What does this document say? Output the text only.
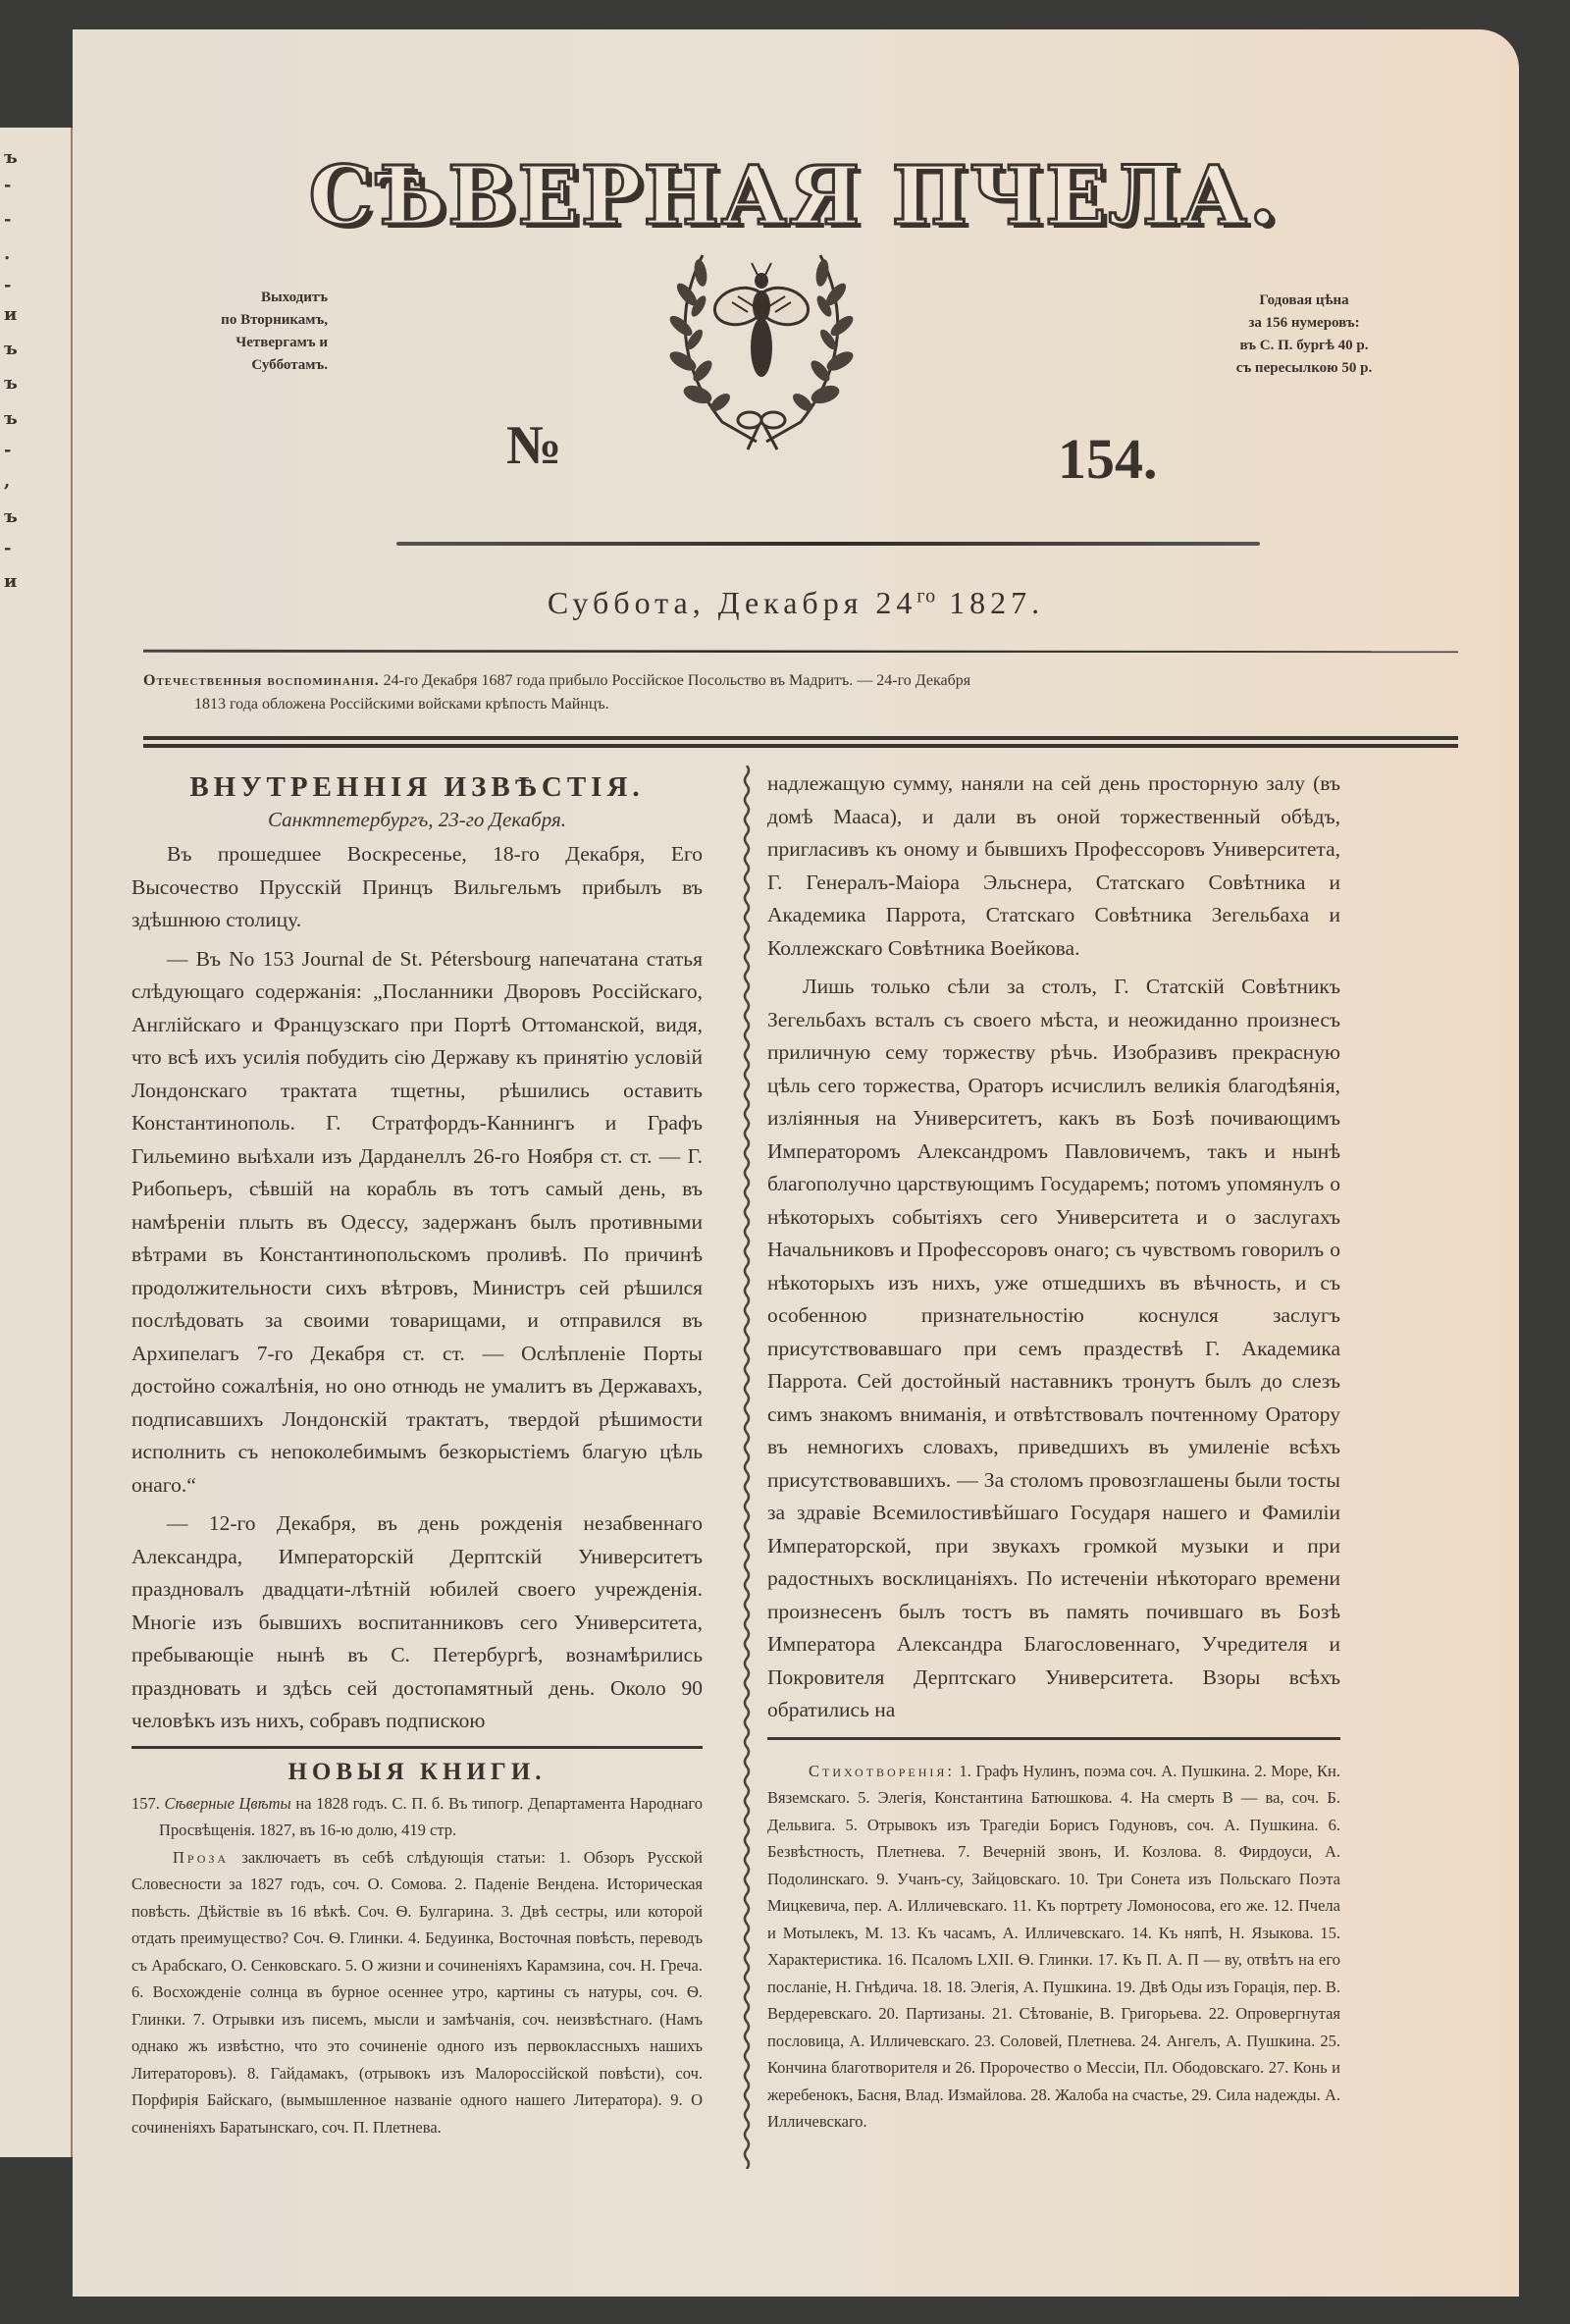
ъ
-
-
.
-
и
ъ
ъ
ъ
-
,
ъ
-
и
СѢВЕРНАЯ ПЧЕЛА.
Выходитъ
по Вторникамъ,
Четвергамъ и
Субботамъ.
№	154.
Годовая цѣна
за 156 нумеровъ:
въ С. П. бургѣ 40 р.
съ пересылкою 50 р.
Суббота, Декабря $24^{го}$ 1827.
Отечественныя воспоминанія. 24-го Декабря 1687 года прибыло Россійское Посольство въ Мадритъ. — 24-го Декабря
1813 года обложена Россійскими войсками крѣпость Майнцъ.
ВНУТРЕННІЯ ИЗВѢСТІЯ.
Санктпетербургъ, 23-го Декабря.

Въ прошедшее Воскресенье, 18-го Декабря, Его Высочество Прусскій Принцъ Вильгельмъ прибылъ въ здѣшнюю столицу.

— Въ No 153 Journal de St. Pétersbourg напечатана статья слѣдующаго содержанія: „Посланники Дворовъ Россійскаго, Англійскаго и Французскаго при Портѣ Оттоманской, видя, что всѣ ихъ усилія побудить сію Державу къ принятію условій Лондонскаго трактата тщетны, рѣшились оставить Константинополь. Г. Стратфордъ-Каннингъ и Графъ Гильемино выѣхали изъ Дарданеллъ 26-го Ноября ст. ст. — Г. Рибопьеръ, сѣвшій на корабль въ тотъ самый день, въ намѣреніи плыть въ Одессу, задержанъ былъ противными вѣтрами въ Константинопольскомъ проливѣ. По причинѣ продолжительности сихъ вѣтровъ, Министръ сей рѣшился послѣдовать за своими товарищами, и отправился въ Архипелагъ 7-го Декабря ст. ст. — Ослѣпленіе Порты достойно сожалѣнія, но оно отнюдь не умалитъ въ Державахъ, подписавшихъ Лондонскій трактатъ, твердой рѣшимости исполнить съ непоколебимымъ безкорыстіемъ благую цѣль онаго.“

— 12-го Декабря, въ день рожденія незабвеннаго Александра, Императорскій Дерптскій Университетъ праздновалъ двадцати-лѣтній юбилей своего учрежденія. Многіе изъ бывшихъ воспитанниковъ сего Университета, пребывающіе нынѣ въ С. Петербургѣ, вознамѣрились праздновать и здѣсь сей достопамятный день. Около 90 человѣкъ изъ нихъ, собравъ подпискою

НОВЫЯ КНИГИ.

157. Сѣверные Цвѣты на 1828 годъ. С. П. б. Въ типогр. Департамента Народнаго Просвѣщенія. 1827, въ 16-ю долю, 419 стр.

Проза заключаетъ въ себѣ слѣдующія статьи: 1. Обзоръ Русской Словесности за 1827 годъ, соч. О. Сомова. 2. Паденіе Вендена. Историческая повѣсть. Дѣйствіе въ 16 вѣкѣ. Соч. Ѳ. Булгарина. 3. Двѣ сестры, или которой отдать преимущество? Соч. Ѳ. Глинки. 4. Бедуинка, Восточная повѣсть, переводъ съ Арабскаго, О. Сенковскаго. 5. О жизни и сочиненіяхъ Карамзина, соч. Н. Греча. 6. Восхожденіе солнца въ бурное осеннее утро, картины съ натуры, соч. Ѳ. Глинки. 7. Отрывки изъ писемъ, мысли и замѣчанія, соч. неизвѣстнаго. (Намъ однако жъ извѣстно, что это сочиненіе одного изъ первоклассныхъ нашихъ Литераторовъ). 8. Гайдамакъ, (отрывокъ изъ Малороссійской повѣсти), соч. Порфирія Байскаго, (вымышленное названіе одного нашего Литератора). 9. О сочиненіяхъ Баратынскаго, соч. П. Плетнева.

надлежащую сумму, наняли на сей день просторную залу (въ домѣ Мааса), и дали въ оной торжественный обѣдъ, пригласивъ къ оному и бывшихъ Профессоровъ Университета, Г. Генералъ-Маіора Эльснера, Статскаго Совѣтника и Академика Паррота, Статскаго Совѣтника Зегельбаха и Коллежскаго Совѣтника Воейкова.

Лишь только сѣли за столъ, Г. Статскій Совѣтникъ Зегельбахъ всталъ съ своего мѣста, и неожиданно произнесъ приличную сему торжеству рѣчь. Изобразивъ прекрасную цѣль сего торжества, Ораторъ исчислилъ великія благодѣянія, изліянныя на Университетъ, какъ въ Бозѣ почивающимъ Императоромъ Александромъ Павловичемъ, такъ и нынѣ благополучно царствующимъ Государемъ; потомъ упомянулъ о нѣкоторыхъ событіяхъ сего Университета и о заслугахъ Начальниковъ и Профессоровъ онаго; съ чувствомъ говорилъ о нѣкоторыхъ изъ нихъ, уже отшедшихъ въ вѣчность, и съ особенною признательностію коснулся заслугъ присутствовавшаго при семъ праздествѣ Г. Академика Паррота. Сей достойный наставникъ тронутъ былъ до слезъ симъ знакомъ вниманія, и отвѣтствовалъ почтенному Оратору въ немногихъ словахъ, приведшихъ въ умиленіе всѣхъ присутствовавшихъ. — За столомъ провозглашены были тосты за здравіе Всемилостивѣйшаго Государя нашего и Фамиліи Императорской, при звукахъ громкой музыки и при радостныхъ восклицаніяхъ. По истеченіи нѣкотораго времени произнесенъ былъ тостъ въ память почившаго въ Бозѣ Императора Александра Благословеннаго, Учредителя и Покровителя Дерптскаго Университета. Взоры всѣхъ обратились на

Стихотворенія: 1. Графъ Нулинъ, поэма соч. А. Пушкина. 2. Море, Кн. Вяземскаго. 5. Элегія, Константина Батюшкова. 4. На смерть В — ва, соч. Б. Дельвига. 5. Отрывокъ изъ Трагедіи Борисъ Годуновъ, соч. А. Пушкина. 6. Безвѣстность, Плетнева. 7. Вечерній звонъ, И. Козлова. 8. Фирдоуси, А. Подолинскаго. 9. Учанъ-су, Зайцовскаго. 10. Три Сонета изъ Польскаго Поэта Мицкевича, пер. А. Илличевскаго. 11. Къ портрету Ломоносова, его же. 12. Пчела и Мотылекъ, М. 13. Къ часамъ, А. Илличевскаго. 14. Къ няпѣ, Н. Языкова. 15. Характеристика. 16. Псаломъ LXII. Ѳ. Глинки. 17. Къ П. А. П — ву, отвѣтъ на его посланіе, Н. Гнѣдича. 18. 18. Элегія, А. Пушкина. 19. Двѣ Оды изъ Горація, пер. В. Вердеревскаго. 20. Партизаны. 21. Сѣтованіе, В. Григорьева. 22. Опровергнутая пословица, А. Илличевскаго. 23. Соловей, Плетнева. 24. Ангелъ, А. Пушкина. 25. Кончина благотворителя и 26. Пророчество о Мессіи, Пл. Ободовскаго. 27. Конь и жеребенокъ, Басня, Влад. Измайлова. 28. Жалоба на счастье, 29. Сила надежды. А. Илличевскаго.
